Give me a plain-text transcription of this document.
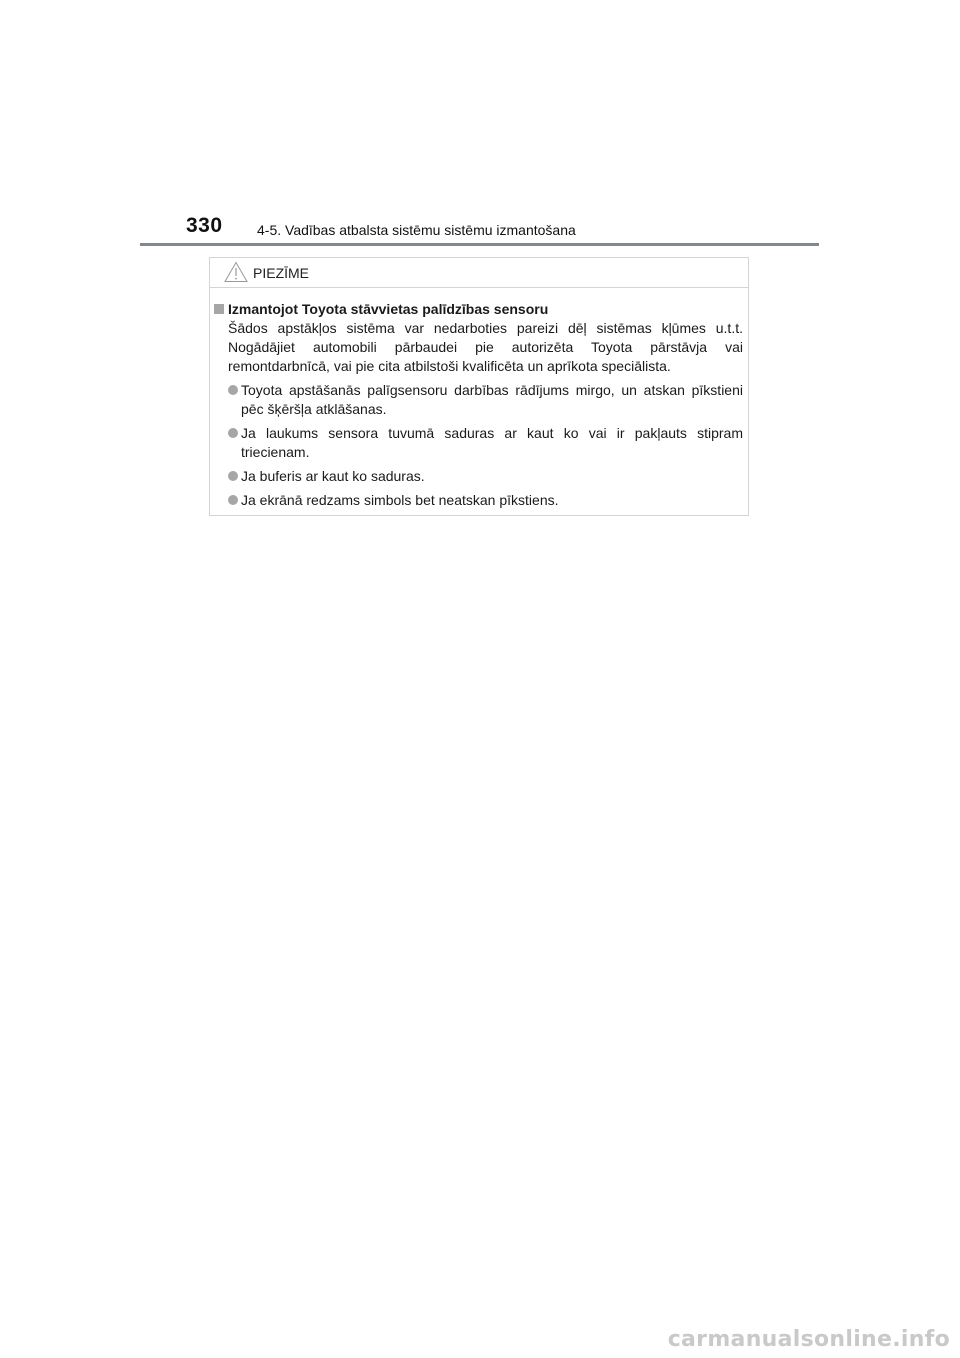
330 4-5. Vadības atbalsta sistēmu sistēmu izmantošana
PIEZĪME
Izmantojot Toyota stāvvietas palīdzības sensoru
Šādos apstākļos sistēma var nedarboties pareizi dēļ sistēmas kļūmes u.t.t. Nogādājiet automobili pārbaudei pie autorizēta Toyota pārstāvja vai remontdarbnīcā, vai pie cita atbilstoši kvalificēta un aprīkota speciālista.
Toyota apstāšanās palīgsensoru darbības rādījums mirgo, un atskan pīkstieni pēc šķēršļa atklāšanas.
Ja laukums sensora tuvumā saduras ar kaut ko vai ir pakļauts stipram triecienam.
Ja buferis ar kaut ko saduras.
Ja ekrānā redzams simbols bet neatskan pīkstiens.
carmanualsonline.info
